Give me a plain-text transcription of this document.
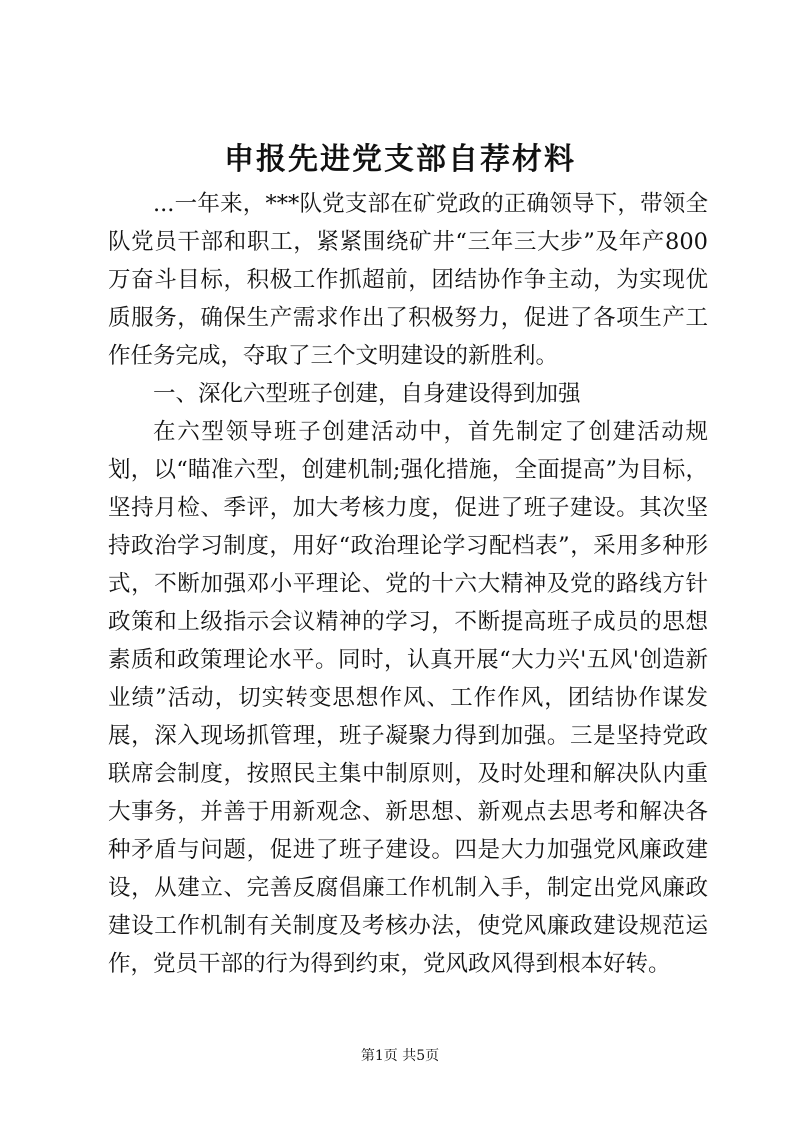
申报先进党支部自荐材料

...一年来，***队党支部在矿党政的正确领导下，带领全队党员干部和职工，紧紧围绕矿井“三年三大步”及年产800万奋斗目标，积极工作抓超前，团结协作争主动，为实现优质服务，确保生产需求作出了积极努力，促进了各项生产工作任务完成，夺取了三个文明建设的新胜利。

一、深化六型班子创建，自身建设得到加强

在六型领导班子创建活动中，首先制定了创建活动规划，以“瞄准六型，创建机制;强化措施，全面提高”为目标，坚持月检、季评，加大考核力度，促进了班子建设。其次坚持政治学习制度，用好“政治理论学习配档表”，采用多种形式，不断加强邓小平理论、党的十六大精神及党的路线方针政策和上级指示会议精神的学习，不断提高班子成员的思想素质和政策理论水平。同时，认真开展“大力兴'五风'创造新业绩”活动，切实转变思想作风、工作作风，团结协作谋发展，深入现场抓管理，班子凝聚力得到加强。三是坚持党政联席会制度，按照民主集中制原则，及时处理和解决队内重大事务，并善于用新观念、新思想、新观点去思考和解决各种矛盾与问题，促进了班子建设。四是大力加强党风廉政建设，从建立、完善反腐倡廉工作机制入手，制定出党风廉政建设工作机制有关制度及考核办法，使党风廉政建设规范运作，党员干部的行为得到约束，党风政风得到根本好转。

第1页 共5页
